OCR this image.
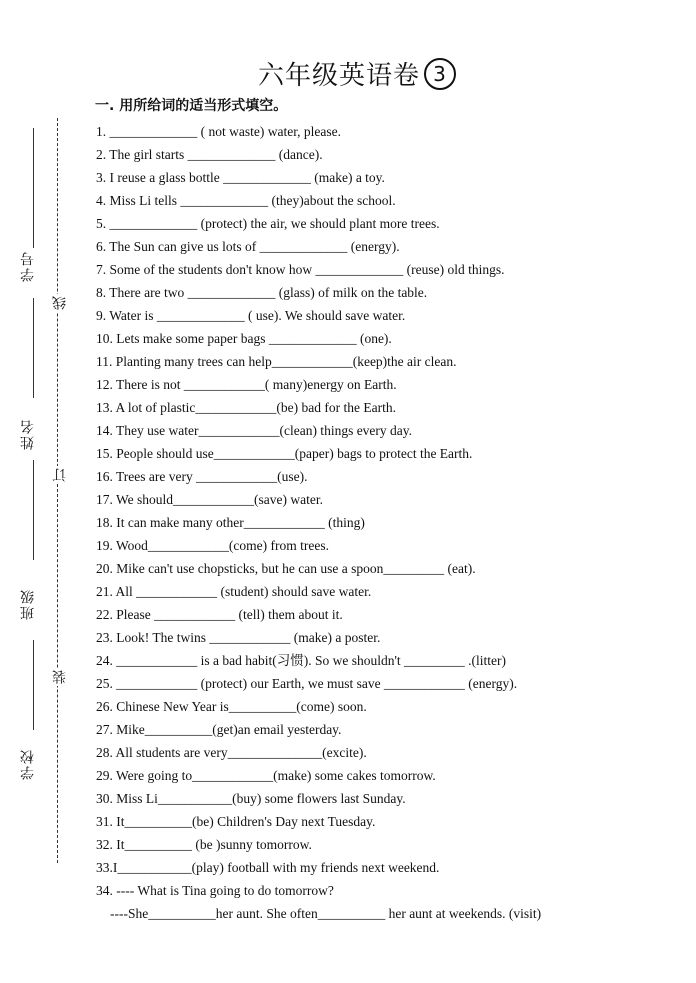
学号
姓名
班级
学校
线
订
装
六年级英语卷 3
一. 用所给词的适当形式填空。
1. _____________ ( not waste) water, please.
2. The girl starts _____________ (dance).
3. I reuse a glass bottle _____________ (make) a toy.
4. Miss Li tells _____________ (they)about the school.
5. _____________ (protect) the air, we should plant more trees.
6. The Sun can give us lots of _____________ (energy).
7. Some of the students don't know how _____________ (reuse) old things.
8. There are two _____________ (glass) of milk on the table.
9. Water is _____________ ( use). We should save water.
10. Lets make some paper bags _____________ (one).
11. Planting many trees can help____________(keep)the air clean.
12. There is not ____________( many)energy on Earth.
13. A lot of plastic____________(be) bad for the Earth.
14. They use water____________(clean) things every day.
15. People should use____________(paper) bags to protect the Earth.
16. Trees are very ____________(use).
17. We should____________(save) water.
18. It can make many other____________ (thing)
19. Wood____________(come) from trees.
20. Mike can't use chopsticks, but he can use a spoon_________ (eat).
21. All ____________ (student) should save water.
22. Please ____________ (tell) them about it.
23. Look! The twins ____________ (make) a poster.
24. ____________ is a bad habit(习惯). So we shouldn't _________ .(litter)
25. ____________ (protect) our Earth, we must save ____________ (energy).
26. Chinese New Year is__________(come) soon.
27. Mike__________(get)an email yesterday.
28. All students are very______________(excite).
29. Were going to____________(make) some cakes tomorrow.
30. Miss Li___________(buy) some flowers last Sunday.
31. It__________(be) Children's Day next Tuesday.
32. It__________ (be )sunny tomorrow.
33.I___________(play) football with my friends next weekend.
34. ---- What is Tina going to do tomorrow?
----She__________her aunt. She often__________ her aunt at weekends. (visit)
